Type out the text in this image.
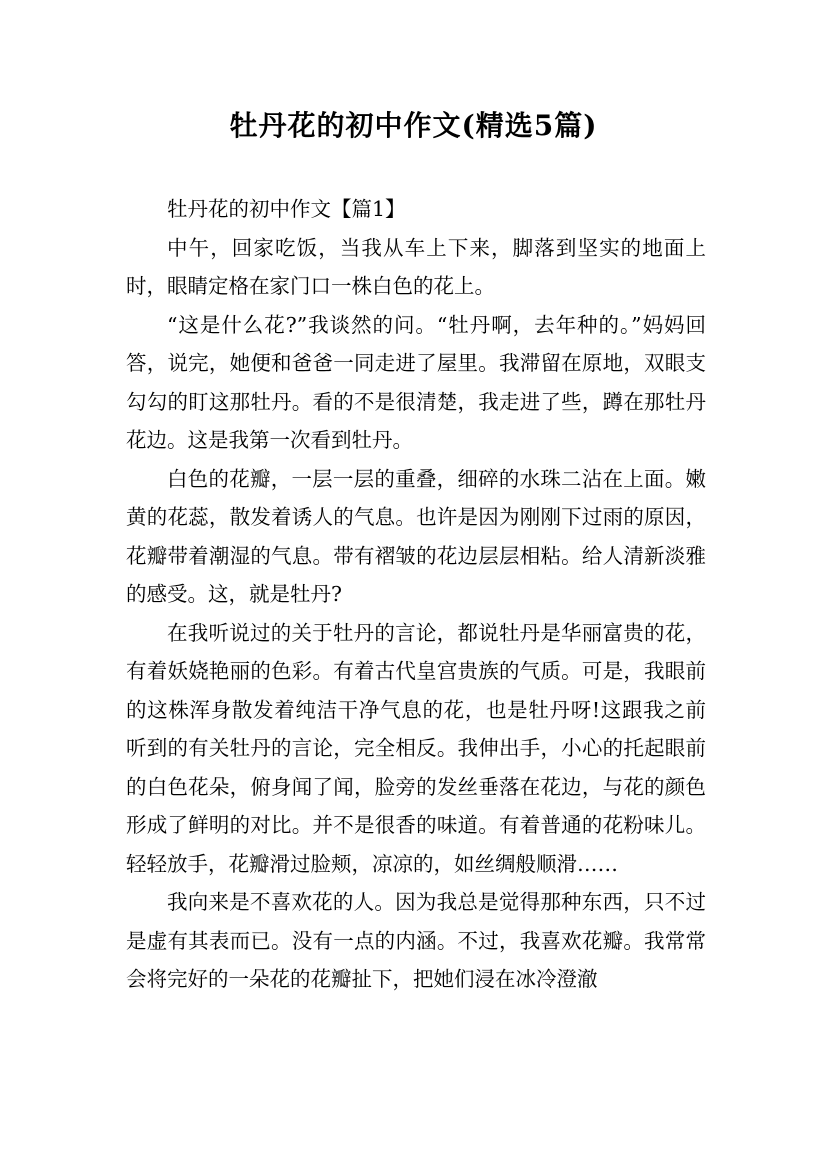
牡丹花的初中作文(精选5篇)

牡丹花的初中作文【篇1】

中午，回家吃饭，当我从车上下来，脚落到坚实的地面上时，眼睛定格在家门口一株白色的花上。

“这是什么花?”我谈然的问。“牡丹啊，去年种的。”妈妈回答，说完，她便和爸爸一同走进了屋里。我滞留在原地，双眼支勾勾的盯这那牡丹。看的不是很清楚，我走进了些，蹲在那牡丹花边。这是我第一次看到牡丹。

白色的花瓣，一层一层的重叠，细碎的水珠二沾在上面。嫩黄的花蕊，散发着诱人的气息。也许是因为刚刚下过雨的原因，花瓣带着潮湿的气息。带有褶皱的花边层层相粘。给人清新淡雅的感受。这，就是牡丹?

在我听说过的关于牡丹的言论，都说牡丹是华丽富贵的花，有着妖娆艳丽的色彩。有着古代皇宫贵族的气质。可是，我眼前的这株浑身散发着纯洁干净气息的花，也是牡丹呀!这跟我之前听到的有关牡丹的言论，完全相反。我伸出手，小心的托起眼前的白色花朵，俯身闻了闻，脸旁的发丝垂落在花边，与花的颜色形成了鲜明的对比。并不是很香的味道。有着普通的花粉味儿。轻轻放手，花瓣滑过脸颊，凉凉的，如丝绸般顺滑……

我向来是不喜欢花的人。因为我总是觉得那种东西，只不过是虚有其表而已。没有一点的内涵。不过，我喜欢花瓣。我常常会将完好的一朵花的花瓣扯下，把她们浸在冰冷澄澈
